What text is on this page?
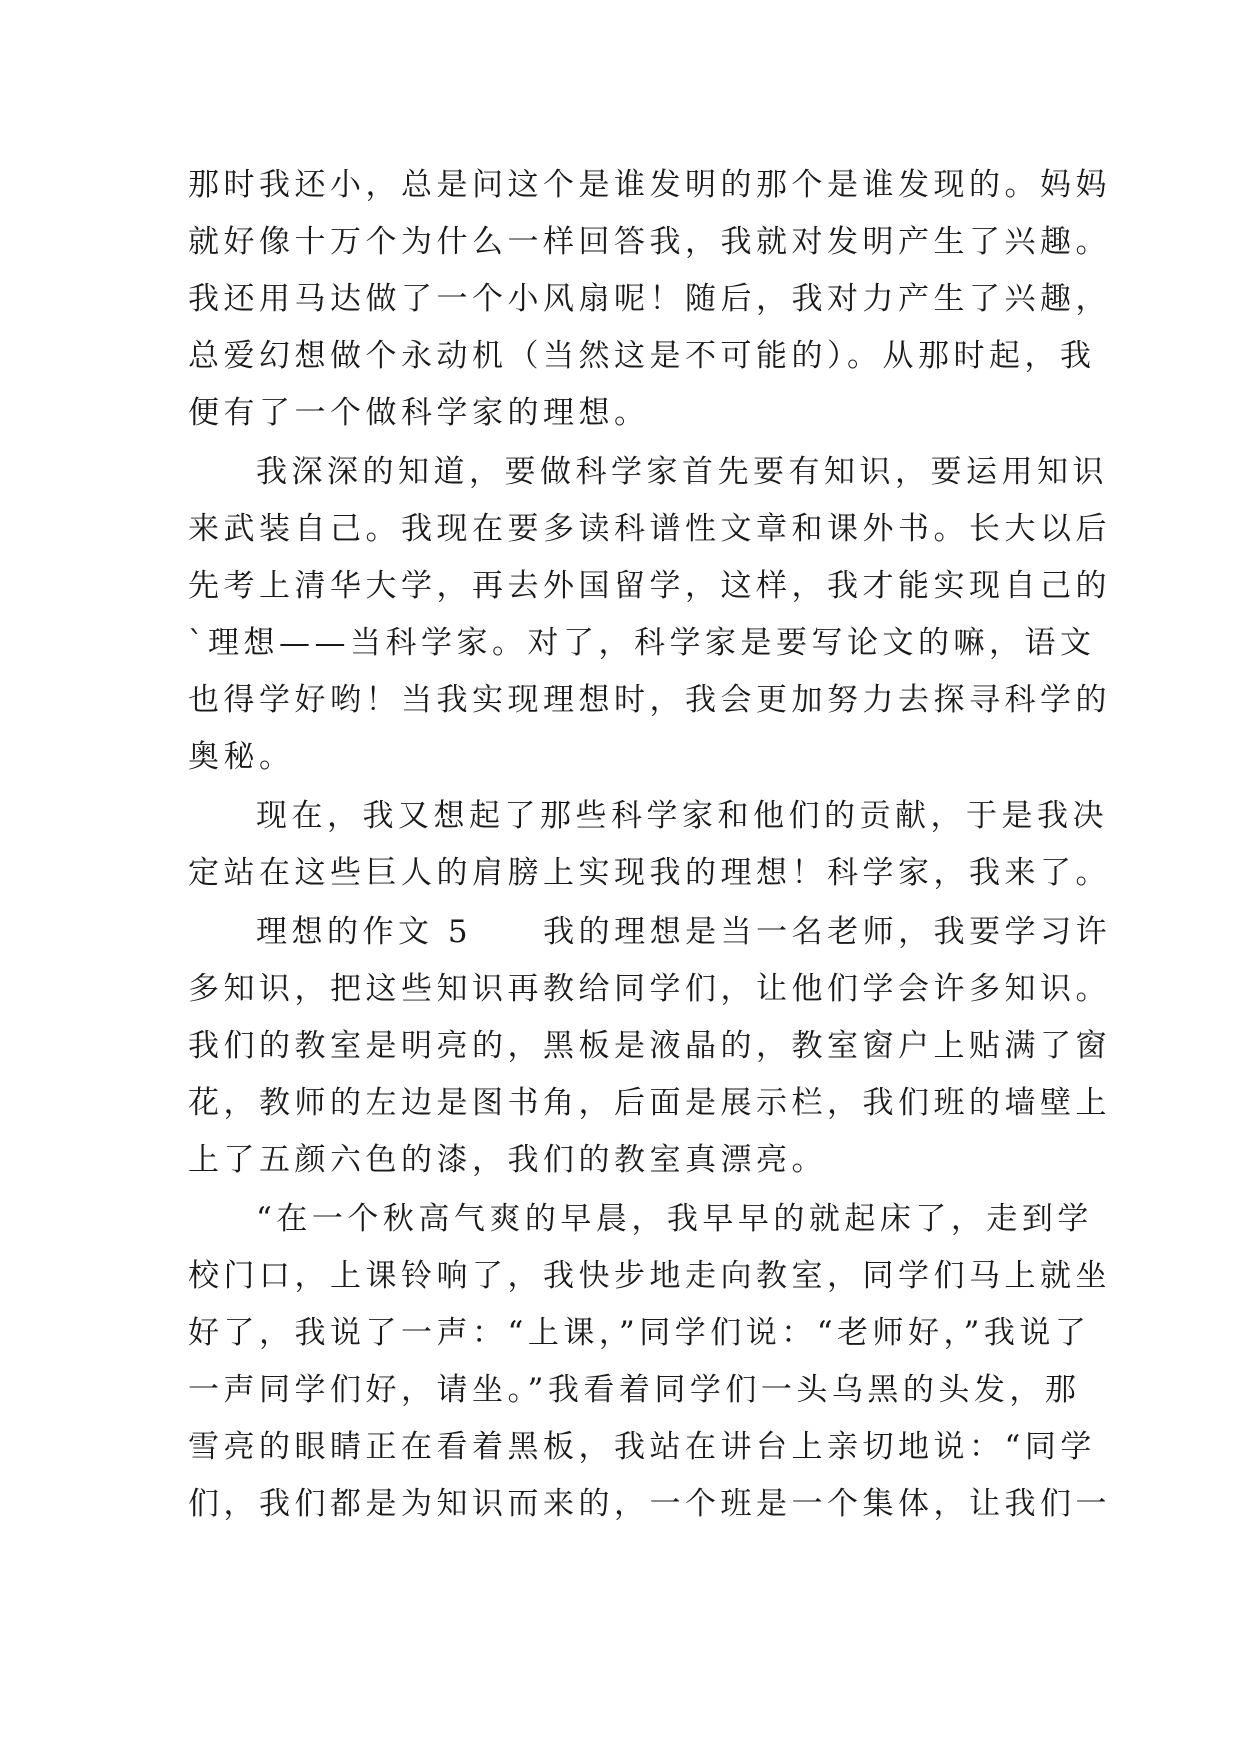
那时我还小，总是问这个是谁发明的那个是谁发现的。妈妈
就好像十万个为什么一样回答我，我就对发明产生了兴趣。
我还用马达做了一个小风扇呢！随后，我对力产生了兴趣，
总爱幻想做个永动机（当然这是不可能的）。从那时起，我
便有了一个做科学家的理想。
我深深的知道，要做科学家首先要有知识，要运用知识
来武装自己。我现在要多读科谱性文章和课外书。长大以后
先考上清华大学，再去外国留学，这样，我才能实现自己的
`理想——当科学家。对了，科学家是要写论文的嘛，语文
也得学好哟！当我实现理想时，我会更加努力去探寻科学的
奥秘。
现在，我又想起了那些科学家和他们的贡献，于是我决
定站在这些巨人的肩膀上实现我的理想！科学家，我来了。
理想的作文 5　　我的理想是当一名老师，我要学习许
多知识，把这些知识再教给同学们，让他们学会许多知识。
我们的教室是明亮的，黑板是液晶的，教室窗户上贴满了窗
花，教师的左边是图书角，后面是展示栏，我们班的墙壁上
上了五颜六色的漆，我们的教室真漂亮。
“在一个秋高气爽的早晨，我早早的就起床了，走到学
校门口，上课铃响了，我快步地走向教室，同学们马上就坐
好了，我说了一声：“上课，”同学们说：“老师好，”我说了
一声同学们好，请坐。”我看着同学们一头乌黑的头发，那
雪亮的眼睛正在看着黑板，我站在讲台上亲切地说：“同学
们，我们都是为知识而来的，一个班是一个集体，让我们一
